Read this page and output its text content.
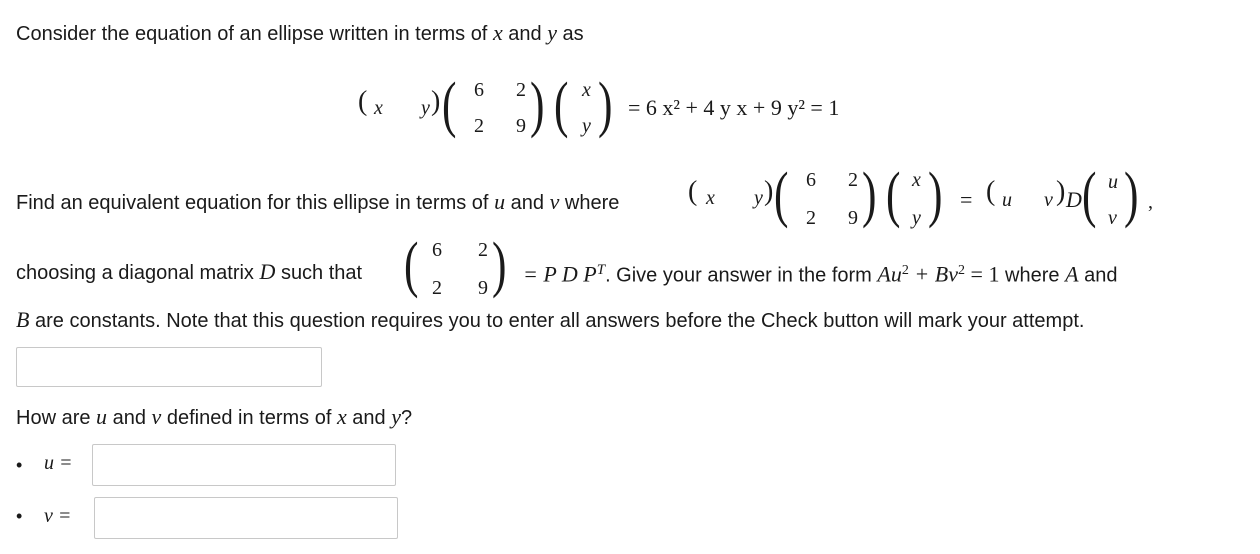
Consider the equation of an ellipse written in terms of x and y as
( x y ) ( 6 2
2 9 ) ( x
y ) = 6 x² + 4 y x + 9 y² = 1
Find an equivalent equation for this ellipse in terms of u and v where ( x y ) ( 6 2
2 9 ) ( x
y ) = ( u v ) D ( u
v ) ,
choosing a diagonal matrix D such that ( 6 2
2 9 ) = P D $P^T$. Give your answer in the form $Au^2 + Bv^2 = 1$ where A and
B are constants. Note that this question requires you to enter all answers before the Check button will mark your attempt.
How are u and v defined in terms of x and y?
• u =
• v =
